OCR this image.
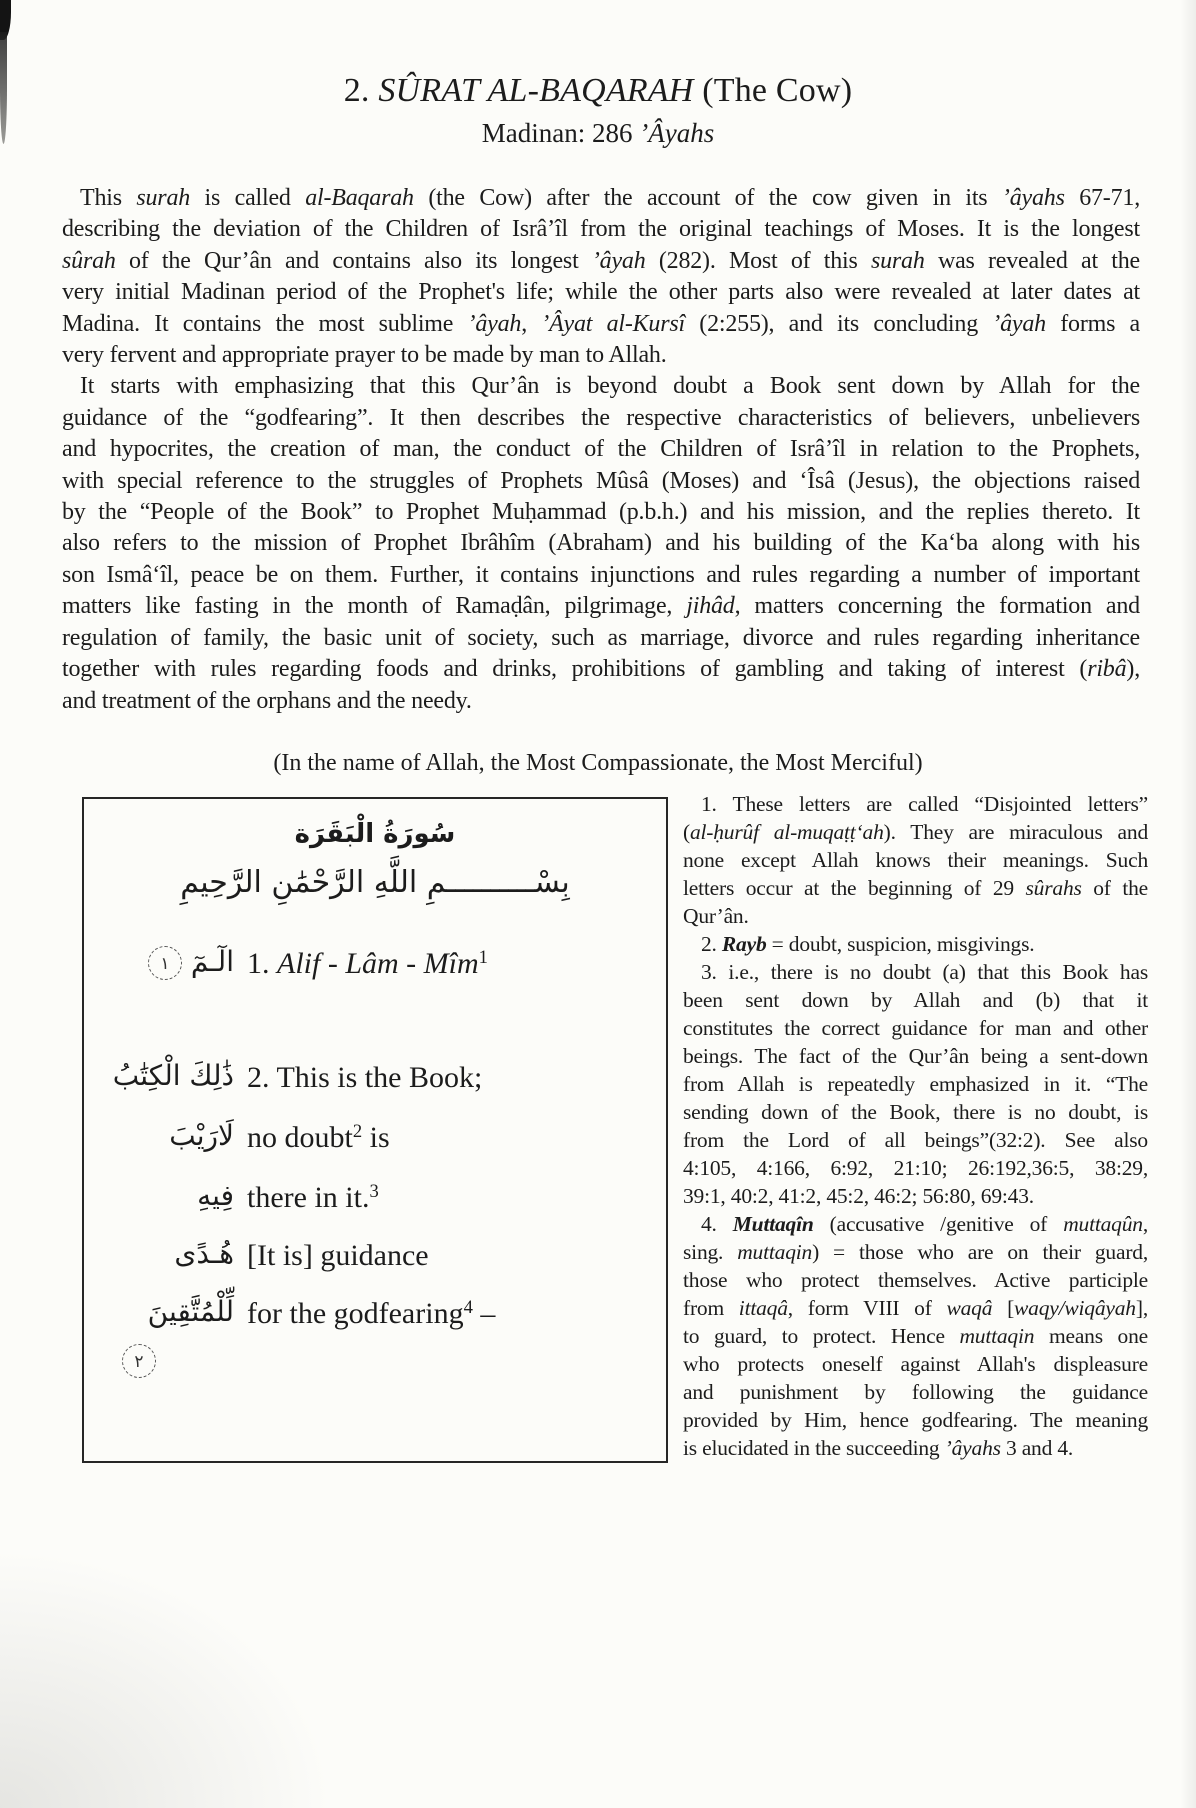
2. SÛRAT AL-BAQARAH (The Cow)
Madinan: 286 ’Âyahs
This surah is called al-Baqarah (the Cow) after the account of the cow given in its ’âyahs 67-71,
describing the deviation of the Children of Isrâ’îl from the original teachings of Moses. It is the longest
sûrah of the Qur’ân and contains also its longest ’âyah (282). Most of this surah was revealed at the
very initial Madinan period of the Prophet's life; while the other parts also were revealed at later dates at
Madina. It contains the most sublime ’âyah, ’Âyat al-Kursî (2:255), and its concluding ’âyah forms a
very fervent and appropriate prayer to be made by man to Allah.
It starts with emphasizing that this Qur’ân is beyond doubt a Book sent down by Allah for the
guidance of the “godfearing”. It then describes the respective characteristics of believers, unbelievers
and hypocrites, the creation of man, the conduct of the Children of Isrâ’îl in relation to the Prophets,
with special reference to the struggles of Prophets Mûsâ (Moses) and ‘Îsâ (Jesus), the objections raised
by the “People of the Book” to Prophet Muḥammad (p.b.h.) and his mission, and the replies thereto. It
also refers to the mission of Prophet Ibrâhîm (Abraham) and his building of the Ka‘ba along with his
son Ismâ‘îl, peace be on them. Further, it contains injunctions and rules regarding a number of important
matters like fasting in the month of Ramaḍân, pilgrimage, jihâd, matters concerning the formation and
regulation of family, the basic unit of society, such as marriage, divorce and rules regarding inheritance
together with rules regarding foods and drinks, prohibitions of gambling and taking of interest (ribâ),
and treatment of the orphans and the needy.
(In the name of Allah, the Most Compassionate, the Most Merciful)
سُورَةُ الْبَقَرَة
بِسْــــــــــمِ اللَّهِ الرَّحْمَٰنِ الرَّحِيمِ
الٓـمٓ ١	1. Alif - Lâm - Mîm$^1$
ذَٰلِكَ الْكِتَٰبُ 2. This is the Book;
لَارَيْبَ no doubt$^2$ is
فِيهِ there in it.$^3$
هُـدًى [It is] guidance
لِّلْمُتَّقِينَ for the godfearing$^4$ –
٢
1. These letters are called “Disjointed letters”
(al-ḥurûf al-muqaṭṭ‘ah). They are miraculous and
none except Allah knows their meanings. Such
letters occur at the beginning of 29 sûrahs of the
Qur’ân.
2. Rayb = doubt, suspicion, misgivings.
3. i.e., there is no doubt (a) that this Book has
been sent down by Allah and (b) that it
constitutes the correct guidance for man and other
beings. The fact of the Qur’ân being a sent-down
from Allah is repeatedly emphasized in it. “The
sending down of the Book, there is no doubt, is
from the Lord of all beings”(32:2). See also
4:105, 4:166, 6:92, 21:10; 26:192,36:5, 38:29,
39:1, 40:2, 41:2, 45:2, 46:2; 56:80, 69:43.
4. Muttaqîn (accusative /genitive of muttaqûn,
sing. muttaqin) = those who are on their guard,
those who protect themselves. Active participle
from ittaqâ, form VIII of waqâ [waqy/wiqâyah],
to guard, to protect. Hence muttaqin means one
who protects oneself against Allah's displeasure
and punishment by following the guidance
provided by Him, hence godfearing. The meaning
is elucidated in the succeeding ’âyahs 3 and 4.
